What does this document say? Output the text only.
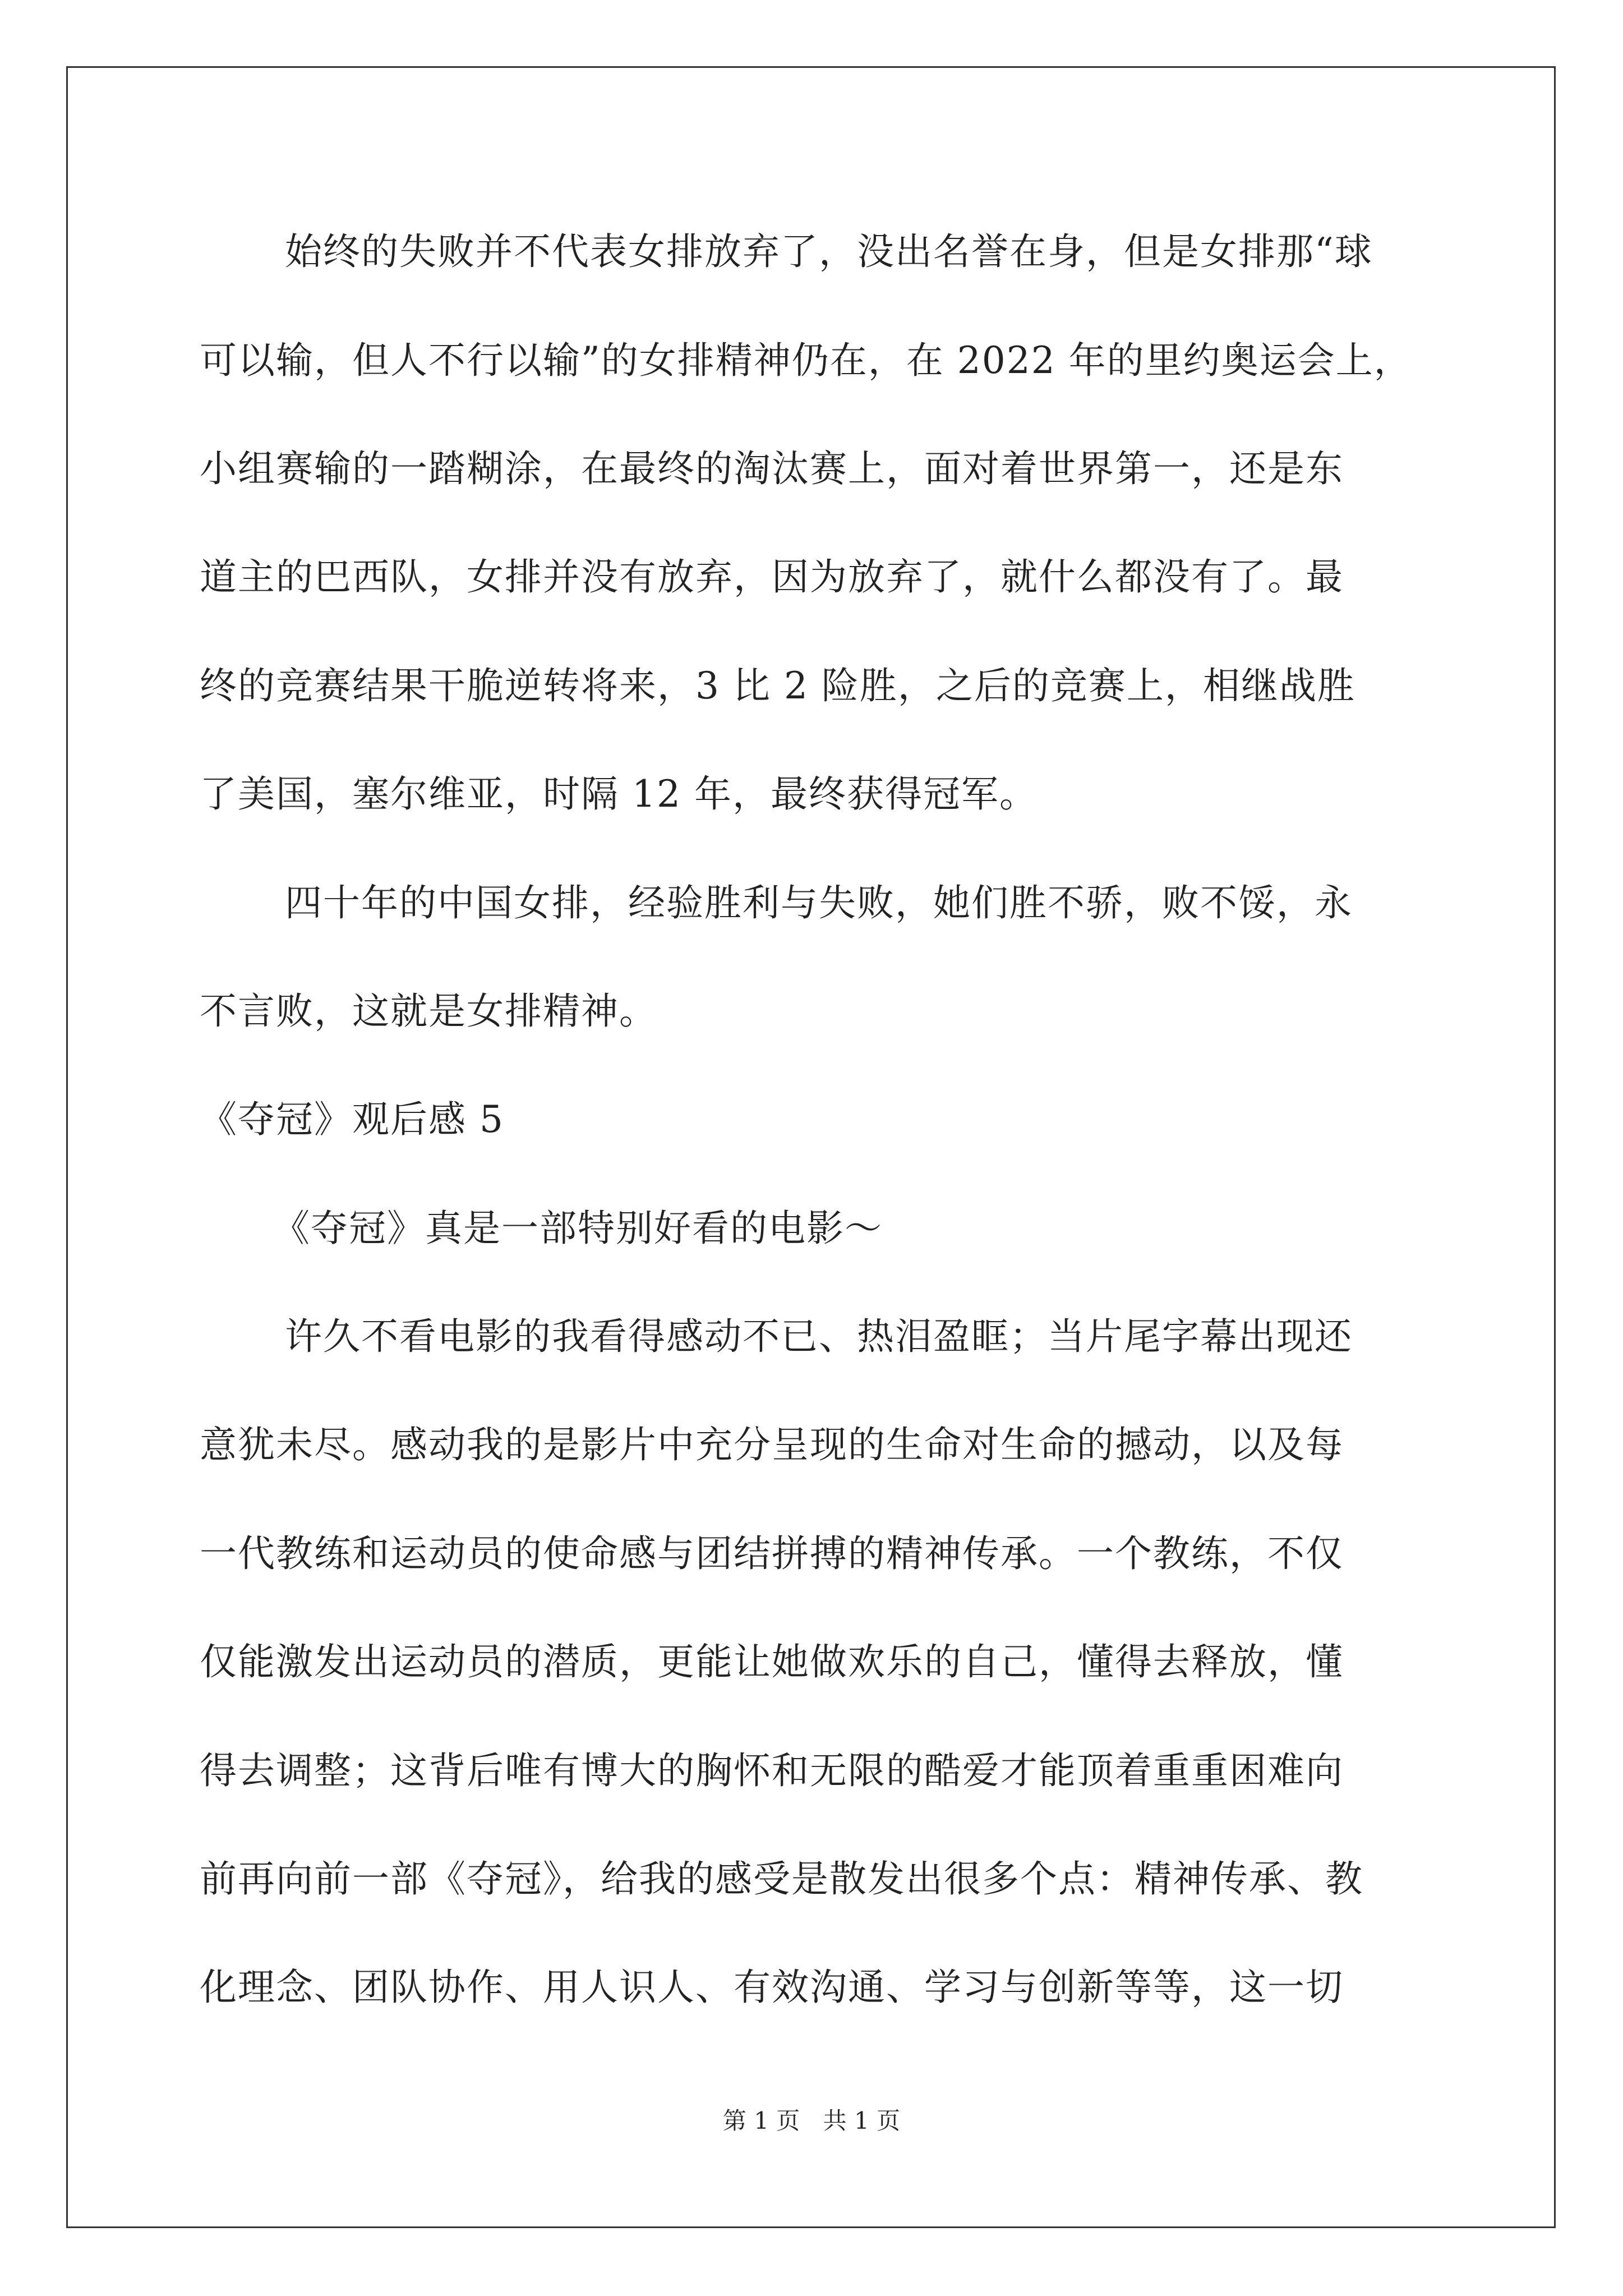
始终的失败并不代表女排放弃了，没出名誉在身，但是女排那“球
可以输，但人不行以输”的女排精神仍在，在 2022 年的里约奥运会上，
小组赛输的一踏糊涂，在最终的淘汰赛上，面对着世界第一，还是东
道主的巴西队，女排并没有放弃，因为放弃了，就什么都没有了。最
终的竞赛结果干脆逆转将来，3 比 2 险胜，之后的竞赛上，相继战胜
了美国，塞尔维亚，时隔 12 年，最终获得冠军。
四十年的中国女排，经验胜利与失败，她们胜不骄，败不馁，永
不言败，这就是女排精神。
《夺冠》观后感 5
《夺冠》真是一部特别好看的电影～
许久不看电影的我看得感动不已、热泪盈眶；当片尾字幕出现还
意犹未尽。感动我的是影片中充分呈现的生命对生命的撼动，以及每
一代教练和运动员的使命感与团结拼搏的精神传承。一个教练，不仅
仅能激发出运动员的潜质，更能让她做欢乐的自己，懂得去释放，懂
得去调整；这背后唯有博大的胸怀和无限的酷爱才能顶着重重困难向
前再向前一部《夺冠》，给我的感受是散发出很多个点：精神传承、教
化理念、团队协作、用人识人、有效沟通、学习与创新等等，这一切
第 1 页 共 1 页
